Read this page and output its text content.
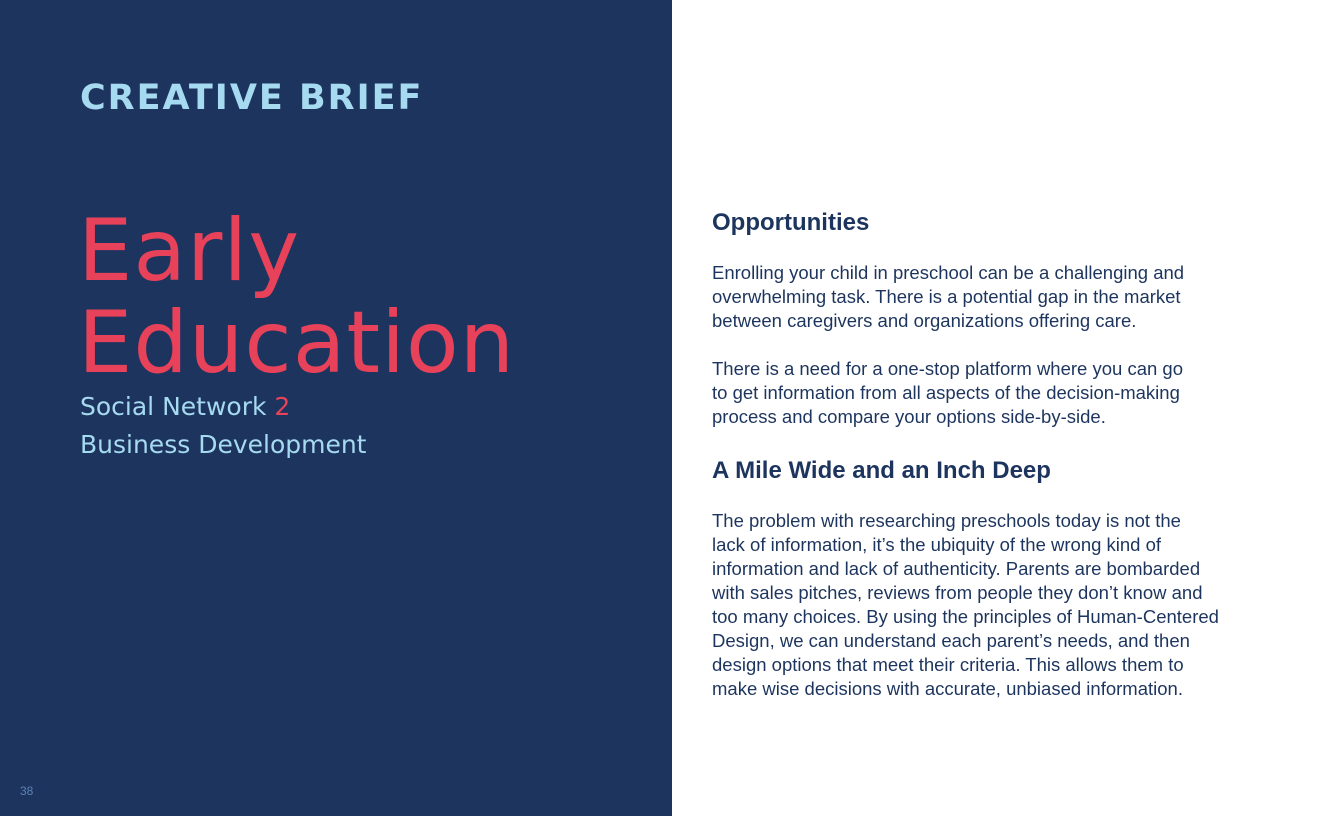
CREATIVE BRIEF
Early
Education
Social Network 2
Business Development
38
Opportunities

Enrolling your child in preschool can be a challenging and
overwhelming task. There is a potential gap in the market
between caregivers and organizations offering care.

There is a need for a one-stop platform where you can go
to get information from all aspects of the decision-making
process and compare your options side-by-side.

A Mile Wide and an Inch Deep

The problem with researching preschools today is not the
lack of information, it’s the ubiquity of the wrong kind of
information and lack of authenticity. Parents are bombarded
with sales pitches, reviews from people they don’t know and
too many choices. By using the principles of Human-Centered
Design, we can understand each parent’s needs, and then
design options that meet their criteria. This allows them to
make wise decisions with accurate, unbiased information.
